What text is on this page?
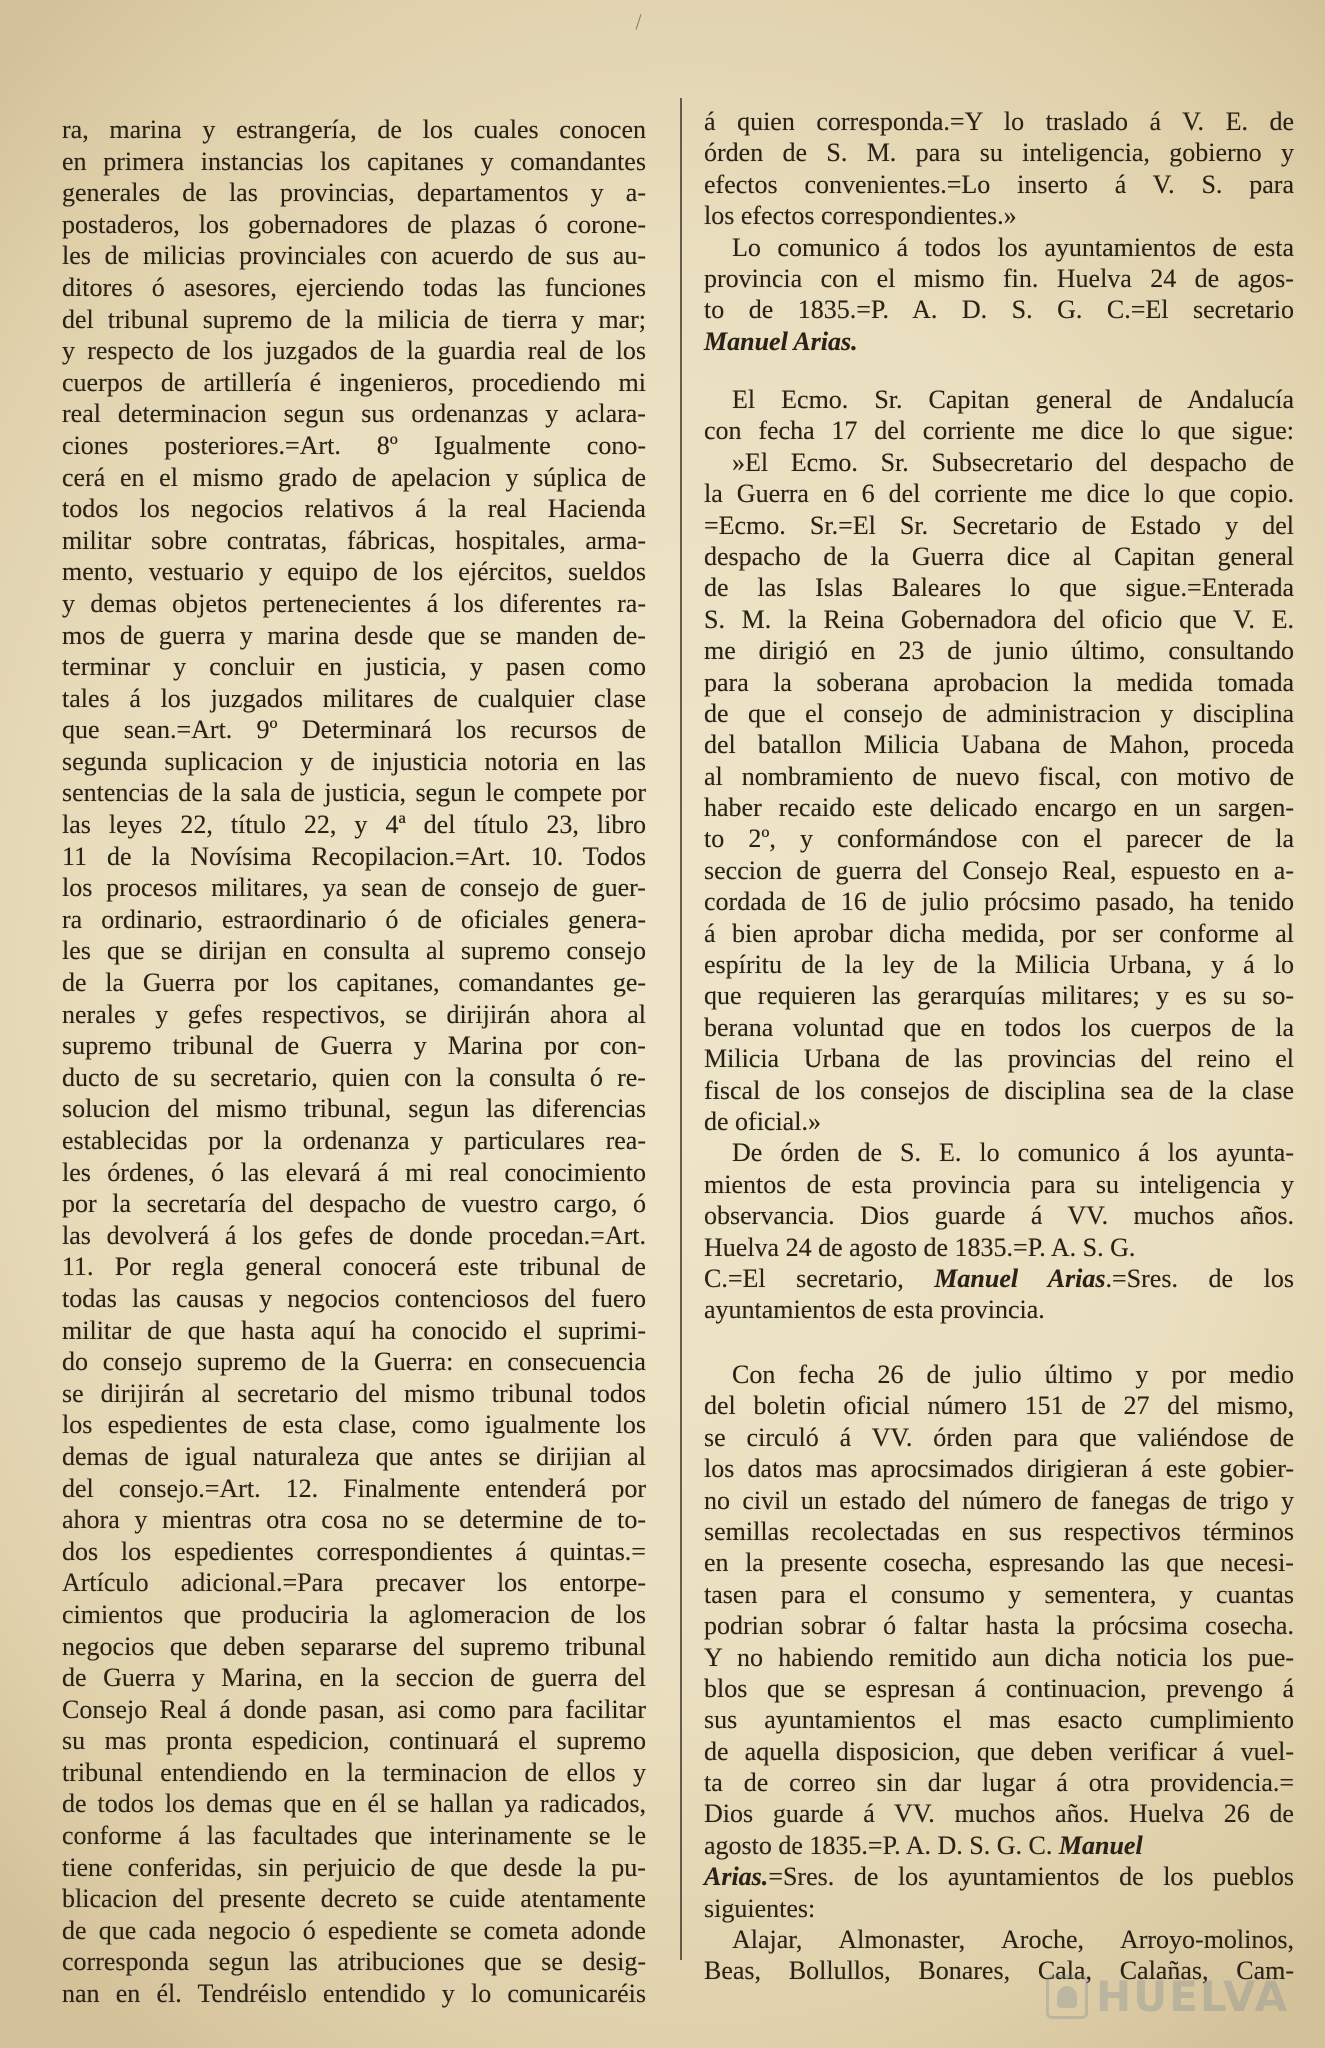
ra, marina y estrangería, de los cuales conocen
en primera instancias los capitanes y comandantes
generales de las provincias, departamentos y a-
postaderos, los gobernadores de plazas ó corone-
les de milicias provinciales con acuerdo de sus au-
ditores ó asesores, ejerciendo todas las funciones
del tribunal supremo de la milicia de tierra y mar;
y respecto de los juzgados de la guardia real de los
cuerpos de artillería é ingenieros, procediendo mi
real determinacion segun sus ordenanzas y aclara-
ciones posteriores.=Art. 8º Igualmente cono-
cerá en el mismo grado de apelacion y súplica de
todos los negocios relativos á la real Hacienda
militar sobre contratas, fábricas, hospitales, arma-
mento, vestuario y equipo de los ejércitos, sueldos
y demas objetos pertenecientes á los diferentes ra-
mos de guerra y marina desde que se manden de-
terminar y concluir en justicia, y pasen como
tales á los juzgados militares de cualquier clase
que sean.=Art. 9º Determinará los recursos de
segunda suplicacion y de injusticia notoria en las
sentencias de la sala de justicia, segun le compete por
las leyes 22, título 22, y 4ª del título 23, libro
11 de la Novísima Recopilacion.=Art. 10. Todos
los procesos militares, ya sean de consejo de guer-
ra ordinario, estraordinario ó de oficiales genera-
les que se dirijan en consulta al supremo consejo
de la Guerra por los capitanes, comandantes ge-
nerales y gefes respectivos, se dirijirán ahora al
supremo tribunal de Guerra y Marina por con-
ducto de su secretario, quien con la consulta ó re-
solucion del mismo tribunal, segun las diferencias
establecidas por la ordenanza y particulares rea-
les órdenes, ó las elevará á mi real conocimiento
por la secretaría del despacho de vuestro cargo, ó
las devolverá á los gefes de donde procedan.=Art.
11. Por regla general conocerá este tribunal de
todas las causas y negocios contenciosos del fuero
militar de que hasta aquí ha conocido el suprimi-
do consejo supremo de la Guerra: en consecuencia
se dirijirán al secretario del mismo tribunal todos
los espedientes de esta clase, como igualmente los
demas de igual naturaleza que antes se dirijian al
del consejo.=Art. 12. Finalmente entenderá por
ahora y mientras otra cosa no se determine de to-
dos los espedientes correspondientes á quintas.=
Artículo adicional.=Para precaver los entorpe-
cimientos que produciria la aglomeracion de los
negocios que deben separarse del supremo tribunal
de Guerra y Marina, en la seccion de guerra del
Consejo Real á donde pasan, asi como para facilitar
su mas pronta espedicion, continuará el supremo
tribunal entendiendo en la terminacion de ellos y
de todos los demas que en él se hallan ya radicados,
conforme á las facultades que interinamente se le
tiene conferidas, sin perjuicio de que desde la pu-
blicacion del presente decreto se cuide atentamente
de que cada negocio ó espediente se cometa adonde
corresponda segun las atribuciones que se desig-
nan en él. Tendréislo entendido y lo comunicaréis
á quien corresponda.=Y lo traslado á V. E. de
órden de S. M. para su inteligencia, gobierno y
efectos convenientes.=Lo inserto á V. S. para
los efectos correspondientes.»
Lo comunico á todos los ayuntamientos de esta
provincia con el mismo fin. Huelva 24 de agos-
to de 1835.=P. A. D. S. G. C.=El secretario
Manuel Arias.
El Ecmo. Sr. Capitan general de Andalucía
con fecha 17 del corriente me dice lo que sigue:
»El Ecmo. Sr. Subsecretario del despacho de
la Guerra en 6 del corriente me dice lo que copio.
=Ecmo. Sr.=El Sr. Secretario de Estado y del
despacho de la Guerra dice al Capitan general
de las Islas Baleares lo que sigue.=Enterada
S. M. la Reina Gobernadora del oficio que V. E.
me dirigió en 23 de junio último, consultando
para la soberana aprobacion la medida tomada
de que el consejo de administracion y disciplina
del batallon Milicia Uabana de Mahon, proceda
al nombramiento de nuevo fiscal, con motivo de
haber recaido este delicado encargo en un sargen-
to 2º, y conformándose con el parecer de la
seccion de guerra del Consejo Real, espuesto en a-
cordada de 16 de julio prócsimo pasado, ha tenido
á bien aprobar dicha medida, por ser conforme al
espíritu de la ley de la Milicia Urbana, y á lo
que requieren las gerarquías militares; y es su so-
berana voluntad que en todos los cuerpos de la
Milicia Urbana de las provincias del reino el
fiscal de los consejos de disciplina sea de la clase
de oficial.»
De órden de S. E. lo comunico á los ayunta-
mientos de esta provincia para su inteligencia y
observancia. Dios guarde á VV. muchos años.
Huelva 24 de agosto de 1835.=P. A. S. G.
C.=El secretario, Manuel Arias.=Sres. de los
ayuntamientos de esta provincia.
Con fecha 26 de julio último y por medio
del boletin oficial número 151 de 27 del mismo,
se circuló á VV. órden para que valiéndose de
los datos mas aprocsimados dirigieran á este gobier-
no civil un estado del número de fanegas de trigo y
semillas recolectadas en sus respectivos términos
en la presente cosecha, espresando las que necesi-
tasen para el consumo y sementera, y cuantas
podrian sobrar ó faltar hasta la prócsima cosecha.
Y no habiendo remitido aun dicha noticia los pue-
blos que se espresan á continuacion, prevengo á
sus ayuntamientos el mas esacto cumplimiento
de aquella disposicion, que deben verificar á vuel-
ta de correo sin dar lugar á otra providencia.=
Dios guarde á VV. muchos años. Huelva 26 de
agosto de 1835.=P. A. D. S. G. C. Manuel
Arias.=Sres. de los ayuntamientos de los pueblos
siguientes:
Alajar, Almonaster, Aroche, Arroyo-molinos,
Beas, Bollullos, Bonares, Cala, Calañas, Cam-
HUELVA
